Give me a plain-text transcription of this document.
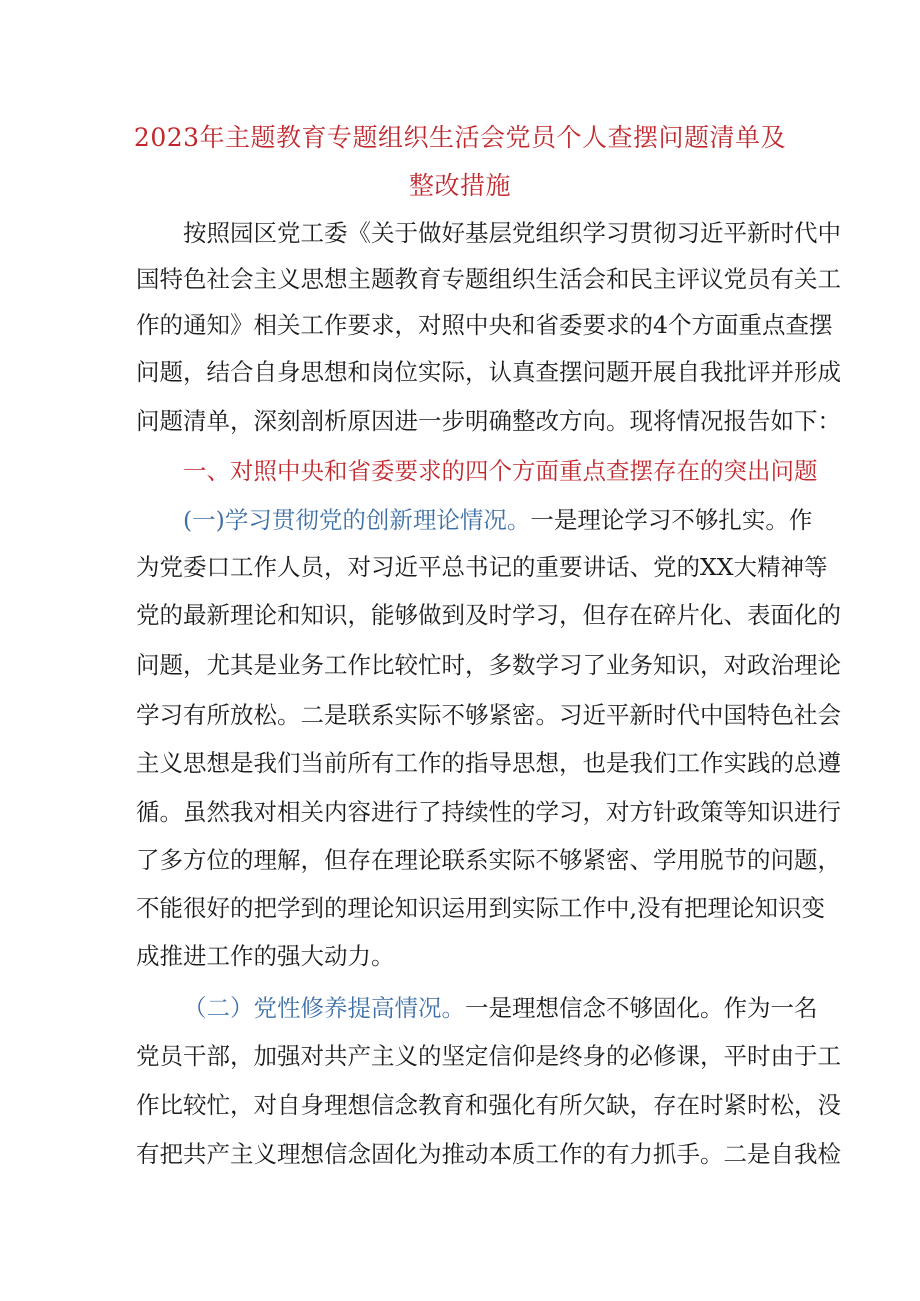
2023年主题教育专题组织生活会党员个人查摆问题清单及
整改措施
按照园区党工委《关于做好基层党组织学习贯彻习近平新时代中
国特色社会主义思想主题教育专题组织生活会和民主评议党员有关工
作的通知》相关工作要求，对照中央和省委要求的4个方面重点查摆
问题，结合自身思想和岗位实际，认真查摆问题开展自我批评并形成
问题清单，深刻剖析原因进一步明确整改方向。现将情况报告如下：
一、对照中央和省委要求的四个方面重点查摆存在的突出问题
(一)学习贯彻党的创新理论情况。一是理论学习不够扎实。作
为党委口工作人员，对习近平总书记的重要讲话、党的XX大精神等
党的最新理论和知识，能够做到及时学习，但存在碎片化、表面化的
问题，尤其是业务工作比较忙时，多数学习了业务知识，对政治理论
学习有所放松。二是联系实际不够紧密。习近平新时代中国特色社会
主义思想是我们当前所有工作的指导思想，也是我们工作实践的总遵
循。虽然我对相关内容进行了持续性的学习，对方针政策等知识进行
了多方位的理解，但存在理论联系实际不够紧密、学用脱节的问题，
不能很好的把学到的理论知识运用到实际工作中,没有把理论知识变
成推进工作的强大动力。
（二）党性修养提高情况。一是理想信念不够固化。作为一名
党员干部，加强对共产主义的坚定信仰是终身的必修课，平时由于工
作比较忙，对自身理想信念教育和强化有所欠缺，存在时紧时松，没
有把共产主义理想信念固化为推动本质工作的有力抓手。二是自我检
